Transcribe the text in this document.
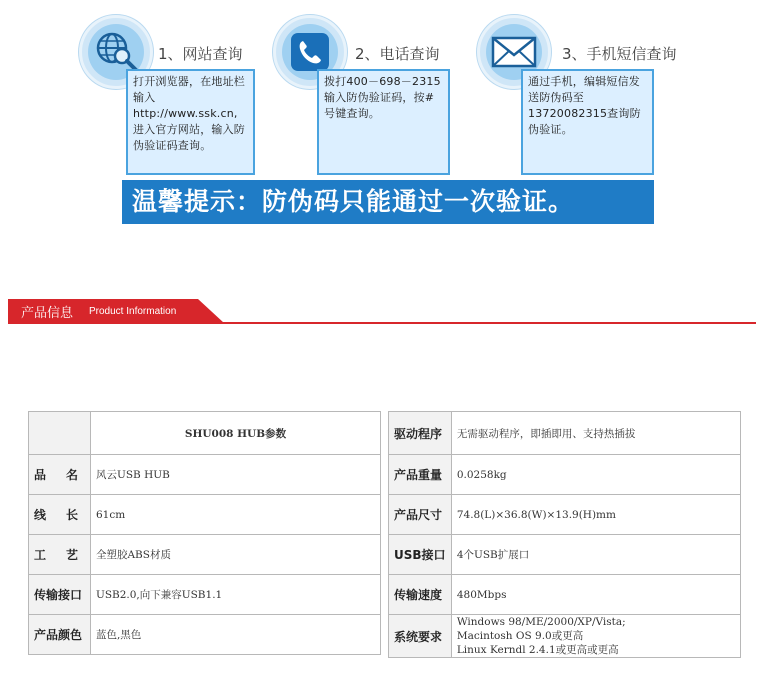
1、网站查询
打开浏览器，在地址栏输入http://www.ssk.cn,进入官方网站，输入防伪验证码查询。
2、电话查询
拨打400－698－2315输入防伪验证码，按#号键查询。
3、手机短信查询
通过手机，编辑短信发送防伪码至13720082315查询防伪验证。
温馨提示：防伪码只能通过一次验证。
产品信息 Product Information
	SHU008 HUB参数

品 名	风云USB HUB

线 长	61cm

工 艺	全塑胶ABS材质
传输接口	USB2.0,向下兼容USB1.1
产品颜色	蓝色,黑色
驱动程序	无需驱动程序，即插即用、支持热插拔
产品重量	0.0258kg
产品尺寸	74.8(L)×36.8(W)×13.9(H)mm
USB接口	4个USB扩展口
传输速度	480Mbps
系统要求	Windows 98/ME/2000/XP/Vista;
Macintosh OS 9.0或更高
Linux Kerndl 2.4.1或更高或更高
